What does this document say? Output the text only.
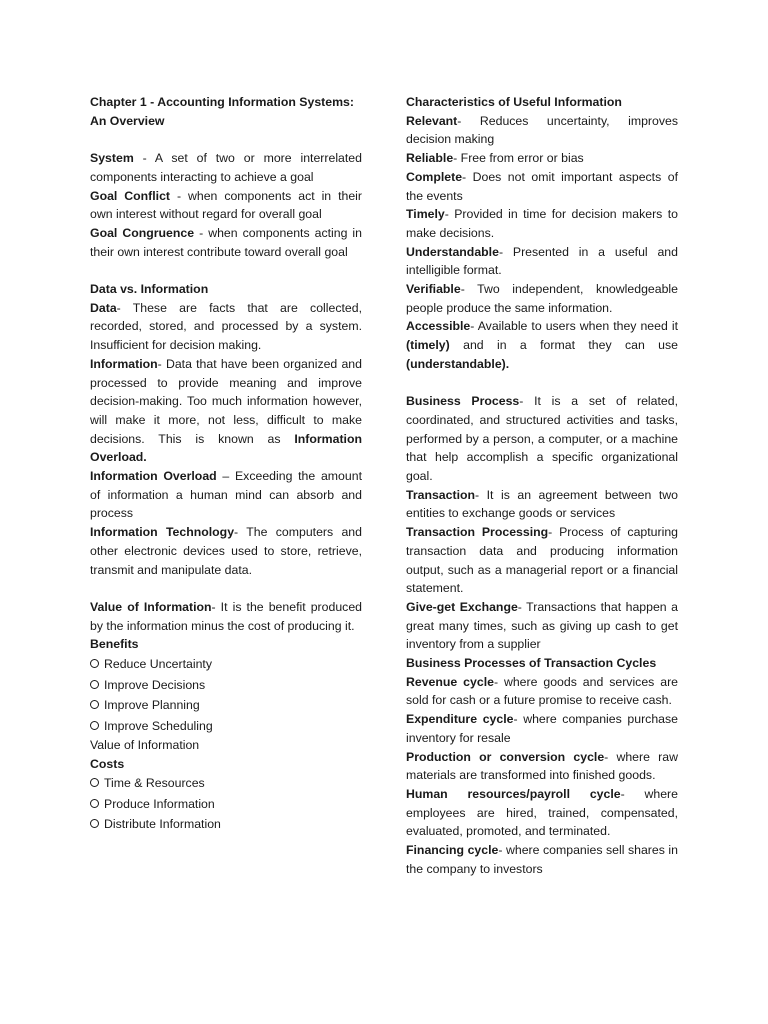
Chapter 1 - Accounting Information Systems: An Overview

System - A set of two or more interrelated components interacting to achieve a goal

Goal Conflict - when components act in their own interest without regard for overall goal

Goal Congruence - when components acting in their own interest contribute toward overall goal

Data vs. Information

Data- These are facts that are collected, recorded, stored, and processed by a system. Insufficient for decision making.

Information- Data that have been organized and processed to provide meaning and improve decision-making. Too much information however, will make it more, not less, difficult to make decisions. This is known as Information Overload.

Information Overload – Exceeding the amount of information a human mind can absorb and process

Information Technology- The computers and other electronic devices used to store, retrieve, transmit and manipulate data.

Value of Information- It is the benefit produced by the information minus the cost of producing it.

Benefits

Reduce Uncertainty

Improve Decisions

Improve Planning

Improve Scheduling

Value of Information

Costs

Time & Resources

Produce Information

Distribute Information

Characteristics of Useful Information

Relevant- Reduces uncertainty, improves decision making

Reliable- Free from error or bias

Complete- Does not omit important aspects of the events

Timely- Provided in time for decision makers to make decisions.

Understandable- Presented in a useful and intelligible format.

Verifiable- Two independent, knowledgeable people produce the same information.

Accessible- Available to users when they need it (timely) and in a format they can use (understandable).

Business Process- It is a set of related, coordinated, and structured activities and tasks, performed by a person, a computer, or a machine that help accomplish a specific organizational goal.

Transaction- It is an agreement between two entities to exchange goods or services

Transaction Processing- Process of capturing transaction data and producing information output, such as a managerial report or a financial statement.

Give-get Exchange- Transactions that happen a great many times, such as giving up cash to get inventory from a supplier

Business Processes of Transaction Cycles

Revenue cycle- where goods and services are sold for cash or a future promise to receive cash.

Expenditure cycle- where companies purchase inventory for resale

Production or conversion cycle- where raw materials are transformed into finished goods.

Human resources/payroll cycle- where employees are hired, trained, compensated, evaluated, promoted, and terminated.

Financing cycle- where companies sell shares in the company to investors
